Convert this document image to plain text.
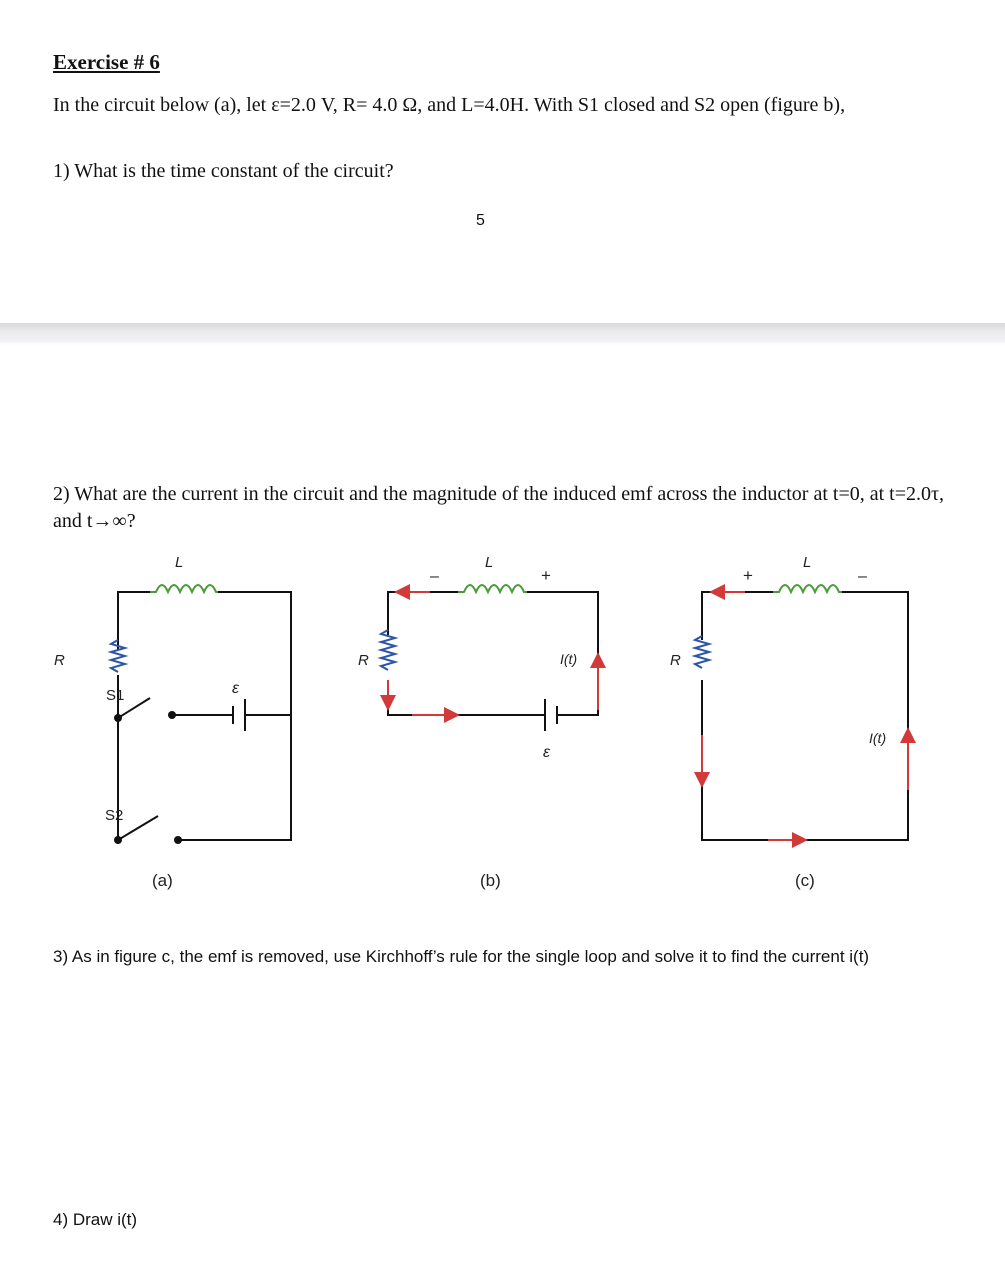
Exercise # 6
In the circuit below (a), let ε=2.0 V, R= 4.0 Ω, and L=4.0H. With S1 closed and S2 open (figure b),
1) What is the time constant of the circuit?
5
2) What are the current in the circuit and the magnitude of the induced emf across the inductor at t=0, at t=2.0τ, and t→∞?
L
R
S1	ε
S2
(a)
L
–	+
R	I(t)
ε
(b)
L
+	–
R
I(t)
(c)
3) As in figure c, the emf is removed, use Kirchhoff’s rule for the single loop and solve it to find the current i(t)
4) Draw i(t)
